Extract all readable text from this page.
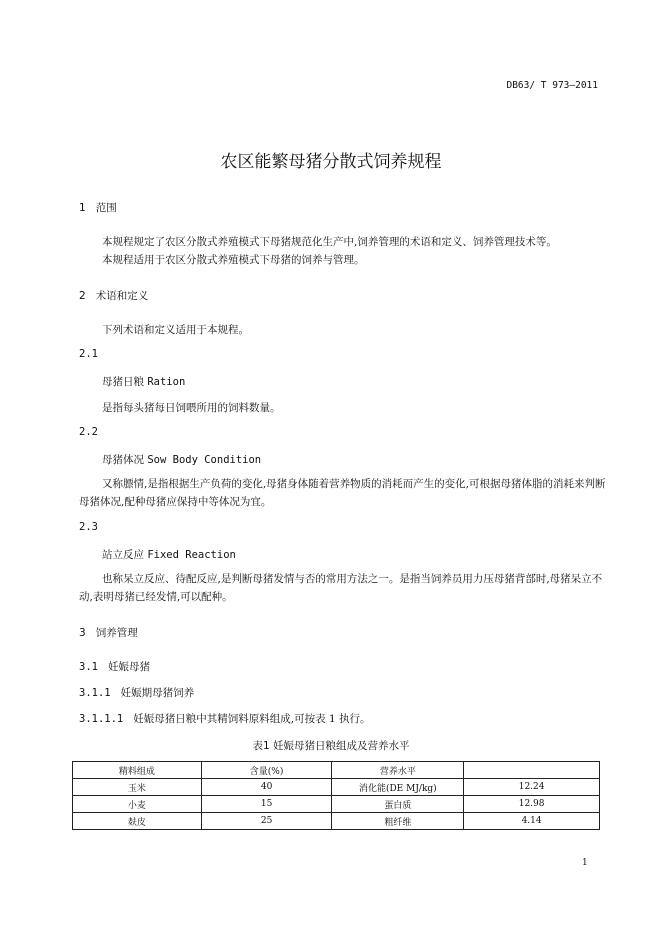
DB63/ T 973—2011
农区能繁母猪分散式饲养规程
1 范围
本规程规定了农区分散式养殖模式下母猪规范化生产中,饲养管理的术语和定义、饲养管理技术等。
本规程适用于农区分散式养殖模式下母猪的饲养与管理。
2 术语和定义
下列术语和定义适用于本规程。
2.1
母猪日粮 Ration
是指每头猪每日饲喂所用的饲料数量。
2.2
母猪体况 Sow Body Condition
又称膘情,是指根据生产负荷的变化,母猪身体随着营养物质的消耗而产生的变化,可根据母猪体脂的消耗来判断母猪体况,配种母猪应保持中等体况为宜。
2.3
站立反应 Fixed Reaction
也称呆立反应、待配反应,是判断母猪发情与否的常用方法之一。是指当饲养员用力压母猪背部时,母猪呆立不动,表明母猪已经发情,可以配种。
3 饲养管理
3.1 妊娠母猪
3.1.1 妊娠期母猪饲养
3.1.1.1 妊娠母猪日粮中其精饲料原料组成,可按表 1 执行。
表1 妊娠母猪日粮组成及营养水平
精料组成	含量(%)	营养水平	
玉米	40	消化能(DE MJ/kg)	12.24
小麦	15	蛋白质	12.98
麸皮	25	粗纤维	4.14
1
